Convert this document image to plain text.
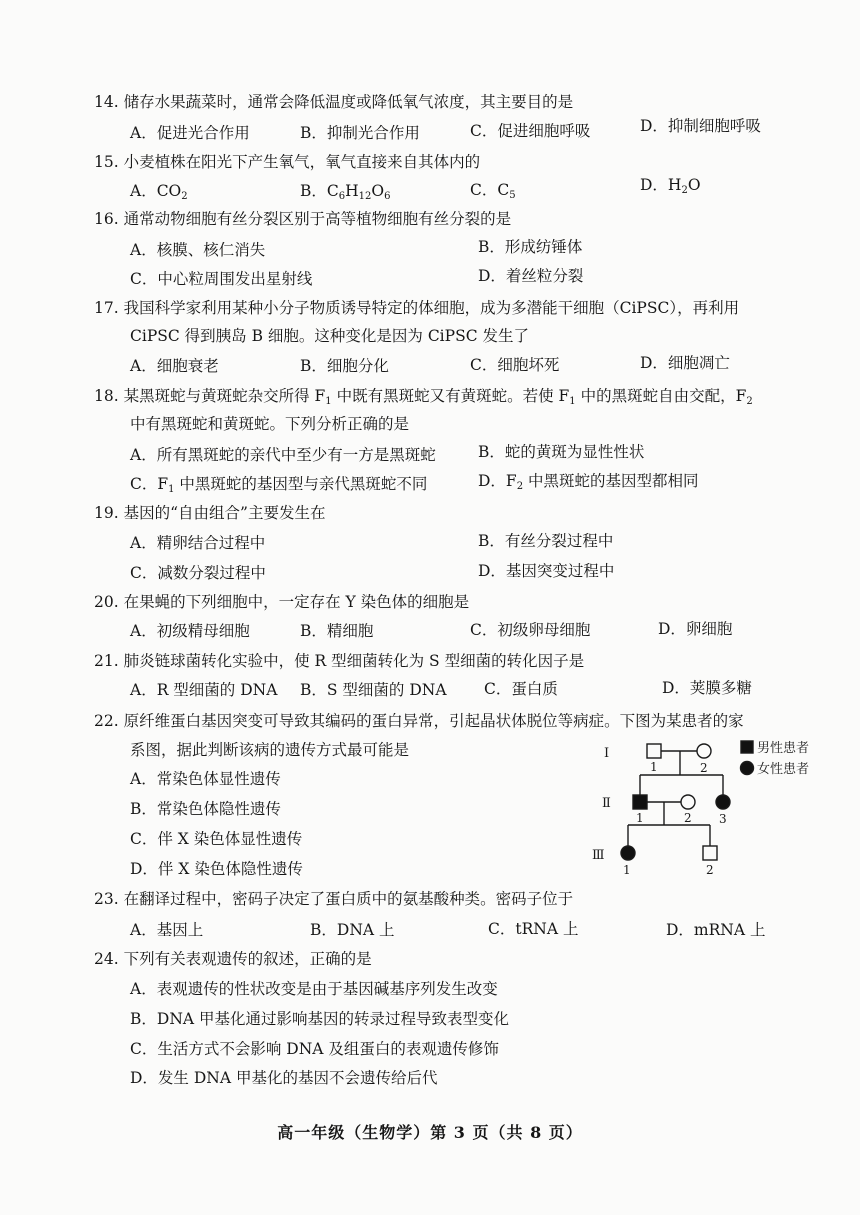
14. 储存水果蔬菜时，通常会降低温度或降低氧气浓度，其主要目的是
A．促进光合作用	B．抑制光合作用	C．促进细胞呼吸	D．抑制细胞呼吸
15. 小麦植株在阳光下产生氧气，氧气直接来自其体内的
A．$CO_2$	B．$C_6H_{12}O_6$	C．$C_5$
D．$H_2O$
16. 通常动物细胞有丝分裂区别于高等植物细胞有丝分裂的是
A．核膜、核仁消失	B．形成纺锤体
C．中心粒周围发出星射线	D．着丝粒分裂
17. 我国科学家利用某种小分子物质诱导特定的体细胞，成为多潜能干细胞（CiPSC），再利用
CiPSC 得到胰岛 B 细胞。这种变化是因为 CiPSC 发生了
A．细胞衰老	B．细胞分化	C．细胞坏死	D．细胞凋亡
18. 某黑斑蛇与黄斑蛇杂交所得 $F_1$ 中既有黑斑蛇又有黄斑蛇。若使 $F_1$ 中的黑斑蛇自由交配，$F_2$
中有黑斑蛇和黄斑蛇。下列分析正确的是
A．所有黑斑蛇的亲代中至少有一方是黑斑蛇	B．蛇的黄斑为显性性状
C．$F_1$ 中黑斑蛇的基因型与亲代黑斑蛇不同	D．$F_2$ 中黑斑蛇的基因型都相同
19. 基因的“自由组合”主要发生在
A．精卵结合过程中	B．有丝分裂过程中
C．减数分裂过程中	D．基因突变过程中
20. 在果蝇的下列细胞中，一定存在 Y 染色体的细胞是
A．初级精母细胞	B．精细胞	C．初级卵母细胞	D．卵细胞
21. 肺炎链球菌转化实验中，使 R 型细菌转化为 S 型细菌的转化因子是
A．R 型细菌的 DNA B．S 型细菌的 DNA C．蛋白质	D．荚膜多糖
22. 原纤维蛋白基因突变可导致其编码的蛋白异常，引起晶状体脱位等病症。下图为某患者的家
系图，据此判断该病的遗传方式最可能是
A．常染色体显性遗传
B．常染色体隐性遗传
C．伴 X 染色体显性遗传
D．伴 X 染色体隐性遗传
Ⅰ
Ⅱ
Ⅲ
1	2
1	2 3
1	2
男性患者
女性患者
23. 在翻译过程中，密码子决定了蛋白质中的氨基酸种类。密码子位于
A．基因上	B．DNA 上	C．tRNA 上	D．mRNA 上
24. 下列有关表观遗传的叙述，正确的是
A．表观遗传的性状改变是由于基因碱基序列发生改变
B．DNA 甲基化通过影响基因的转录过程导致表型变化
C．生活方式不会影响 DNA 及组蛋白的表观遗传修饰
D．发生 DNA 甲基化的基因不会遗传给后代
高一年级（生物学）第 3 页（共 8 页）
